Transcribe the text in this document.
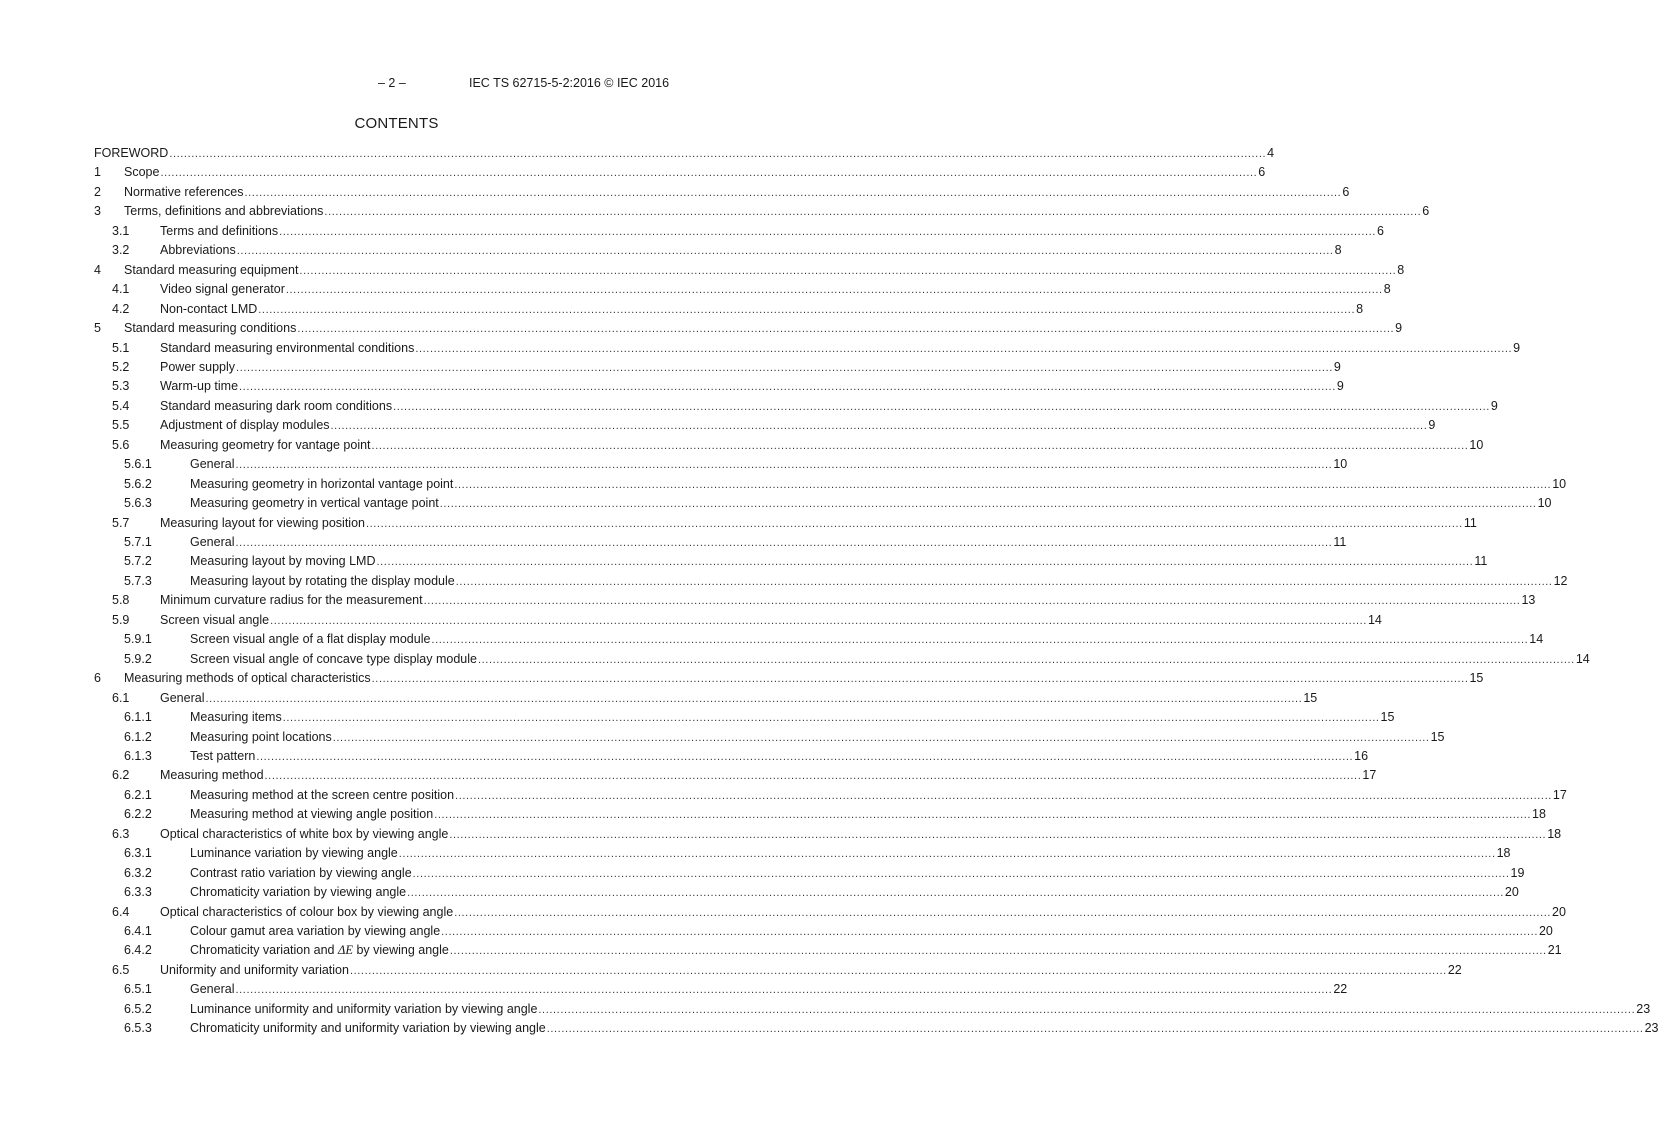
– 2 –	IEC TS 62715-5-2:2016 © IEC 2016
CONTENTS
FOREWORD ............................................................................................................................................................................................................................................................................................................ 4
1 Scope ............................................................................................................................................................................................................................................................................................................ 6
2 Normative references ............................................................................................................................................................................................................................................................................................................ 6
3 Terms, definitions and abbreviations ............................................................................................................................................................................................................................................................................................................ 6
3.1 Terms and definitions ............................................................................................................................................................................................................................................................................................................ 6
3.2 Abbreviations ............................................................................................................................................................................................................................................................................................................ 8
4 Standard measuring equipment ............................................................................................................................................................................................................................................................................................................ 8
4.1 Video signal generator ............................................................................................................................................................................................................................................................................................................ 8
4.2 Non-contact LMD ............................................................................................................................................................................................................................................................................................................ 8
5 Standard measuring conditions ............................................................................................................................................................................................................................................................................................................ 9
5.1 Standard measuring environmental conditions ............................................................................................................................................................................................................................................................................................................ 9
5.2 Power supply ............................................................................................................................................................................................................................................................................................................ 9
5.3 Warm-up time ............................................................................................................................................................................................................................................................................................................ 9
5.4 Standard measuring dark room conditions ............................................................................................................................................................................................................................................................................................................ 9
5.5 Adjustment of display modules ............................................................................................................................................................................................................................................................................................................ 9
5.6 Measuring geometry for vantage point ............................................................................................................................................................................................................................................................................................................ 10
5.6.1	General ............................................................................................................................................................................................................................................................................................................ 10
5.6.2	Measuring geometry in horizontal vantage point ............................................................................................................................................................................................................................................................................................................ 10
5.6.3	Measuring geometry in vertical vantage point ............................................................................................................................................................................................................................................................................................................ 10
5.7 Measuring layout for viewing position ............................................................................................................................................................................................................................................................................................................ 11
5.7.1	General ............................................................................................................................................................................................................................................................................................................ 11
5.7.2	Measuring layout by moving LMD ............................................................................................................................................................................................................................................................................................................ 11
5.7.3	Measuring layout by rotating the display module ............................................................................................................................................................................................................................................................................................................ 12
5.8 Minimum curvature radius for the measurement ............................................................................................................................................................................................................................................................................................................ 13
5.9 Screen visual angle ............................................................................................................................................................................................................................................................................................................ 14
5.9.1	Screen visual angle of a flat display module ............................................................................................................................................................................................................................................................................................................ 14
5.9.2	Screen visual angle of concave type display module ............................................................................................................................................................................................................................................................................................................ 14
6 Measuring methods of optical characteristics ............................................................................................................................................................................................................................................................................................................ 15
6.1 General ............................................................................................................................................................................................................................................................................................................ 15
6.1.1	Measuring items ............................................................................................................................................................................................................................................................................................................ 15
6.1.2	Measuring point locations ............................................................................................................................................................................................................................................................................................................ 15
6.1.3	Test pattern ............................................................................................................................................................................................................................................................................................................ 16
6.2 Measuring method ............................................................................................................................................................................................................................................................................................................ 17
6.2.1	Measuring method at the screen centre position ............................................................................................................................................................................................................................................................................................................ 17
6.2.2	Measuring method at viewing angle position ............................................................................................................................................................................................................................................................................................................ 18
6.3 Optical characteristics of white box by viewing angle ............................................................................................................................................................................................................................................................................................................ 18
6.3.1	Luminance variation by viewing angle ............................................................................................................................................................................................................................................................................................................ 18
6.3.2	Contrast ratio variation by viewing angle ............................................................................................................................................................................................................................................................................................................ 19
6.3.3	Chromaticity variation by viewing angle ............................................................................................................................................................................................................................................................................................................ 20
6.4 Optical characteristics of colour box by viewing angle ............................................................................................................................................................................................................................................................................................................ 20
6.4.1	Colour gamut area variation by viewing angle ............................................................................................................................................................................................................................................................................................................ 20
6.4.2	Chromaticity variation and ΔE by viewing angle ............................................................................................................................................................................................................................................................................................................ 21
6.5 Uniformity and uniformity variation ............................................................................................................................................................................................................................................................................................................ 22
6.5.1	General ............................................................................................................................................................................................................................................................................................................ 22
6.5.2	Luminance uniformity and uniformity variation by viewing angle ............................................................................................................................................................................................................................................................................................................ 23
6.5.3	Chromaticity uniformity and uniformity variation by viewing angle ............................................................................................................................................................................................................................................................................................................ 23
